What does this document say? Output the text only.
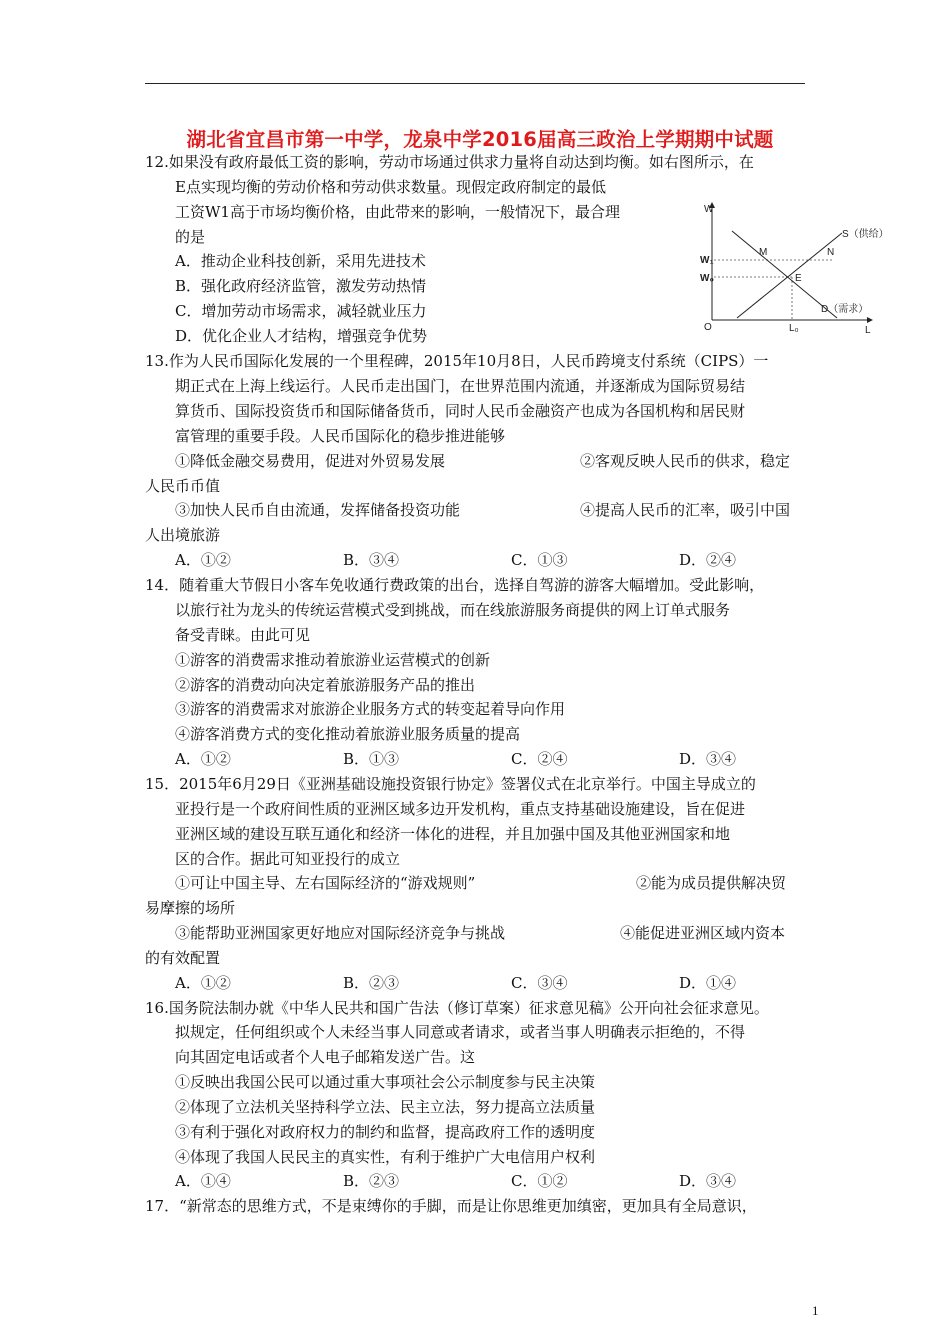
湖北省宜昌市第一中学，龙泉中学2016届高三政治上学期期中试题
12.如果没有政府最低工资的影响，劳动市场通过供求力量将自动达到均衡。如右图所示，在
E点实现均衡的劳动价格和劳动供求数量。现假定政府制定的最低
工资W1高于市场均衡价格，由此带来的影响，一般情况下，最合理
的是
A．推动企业科技创新，采用先进技术
B．强化政府经济监管，激发劳动热情
C．增加劳动市场需求，减轻就业压力
D．优化企业人才结构，增强竞争优势
W
W₁
W₀
O	L₀	L
M	N
E
S（供给）
D（需求）
13.作为人民币国际化发展的一个里程碑，2015年10月8日，人民币跨境支付系统（CIPS）一
期正式在上海上线运行。人民币走出国门，在世界范围内流通，并逐渐成为国际贸易结
算货币、国际投资货币和国际储备货币，同时人民币金融资产也成为各国机构和居民财
富管理的重要手段。人民币国际化的稳步推进能够
①降低金融交易费用，促进对外贸易发展	②客观反映人民币的供求，稳定
人民币币值
③加快人民币自由流通，发挥储备投资功能	④提高人民币的汇率，吸引中国
人出境旅游
A．①②	B．③④	C．①③	D．②④
14．随着重大节假日小客车免收通行费政策的出台，选择自驾游的游客大幅增加。受此影响，
以旅行社为龙头的传统运营模式受到挑战，而在线旅游服务商提供的网上订单式服务
备受青睐。由此可见
①游客的消费需求推动着旅游业运营模式的创新
②游客的消费动向决定着旅游服务产品的推出
③游客的消费需求对旅游企业服务方式的转变起着导向作用
④游客消费方式的变化推动着旅游业服务质量的提高
A．①②	B．①③	C．②④	D．③④
15．2015年6月29日《亚洲基础设施投资银行协定》签署仪式在北京举行。中国主导成立的
亚投行是一个政府间性质的亚洲区域多边开发机构，重点支持基础设施建设，旨在促进
亚洲区域的建设互联互通化和经济一体化的进程，并且加强中国及其他亚洲国家和地
区的合作。据此可知亚投行的成立
①可让中国主导、左右国际经济的“游戏规则”	②能为成员提供解决贸
易摩擦的场所
③能帮助亚洲国家更好地应对国际经济竞争与挑战	④能促进亚洲区域内资本
的有效配置
A．①②	B．②③	C．③④	D．①④
16.国务院法制办就《中华人民共和国广告法（修订草案）征求意见稿》公开向社会征求意见。
拟规定，任何组织或个人未经当事人同意或者请求，或者当事人明确表示拒绝的，不得
向其固定电话或者个人电子邮箱发送广告。这
①反映出我国公民可以通过重大事项社会公示制度参与民主决策
②体现了立法机关坚持科学立法、民主立法，努力提高立法质量
③有利于强化对政府权力的制约和监督，提高政府工作的透明度
④体现了我国人民民主的真实性，有利于维护广大电信用户权利
A．①④	B．②③	C．①②	D．③④
17．“新常态的思维方式，不是束缚你的手脚，而是让你思维更加缜密，更加具有全局意识，
1
